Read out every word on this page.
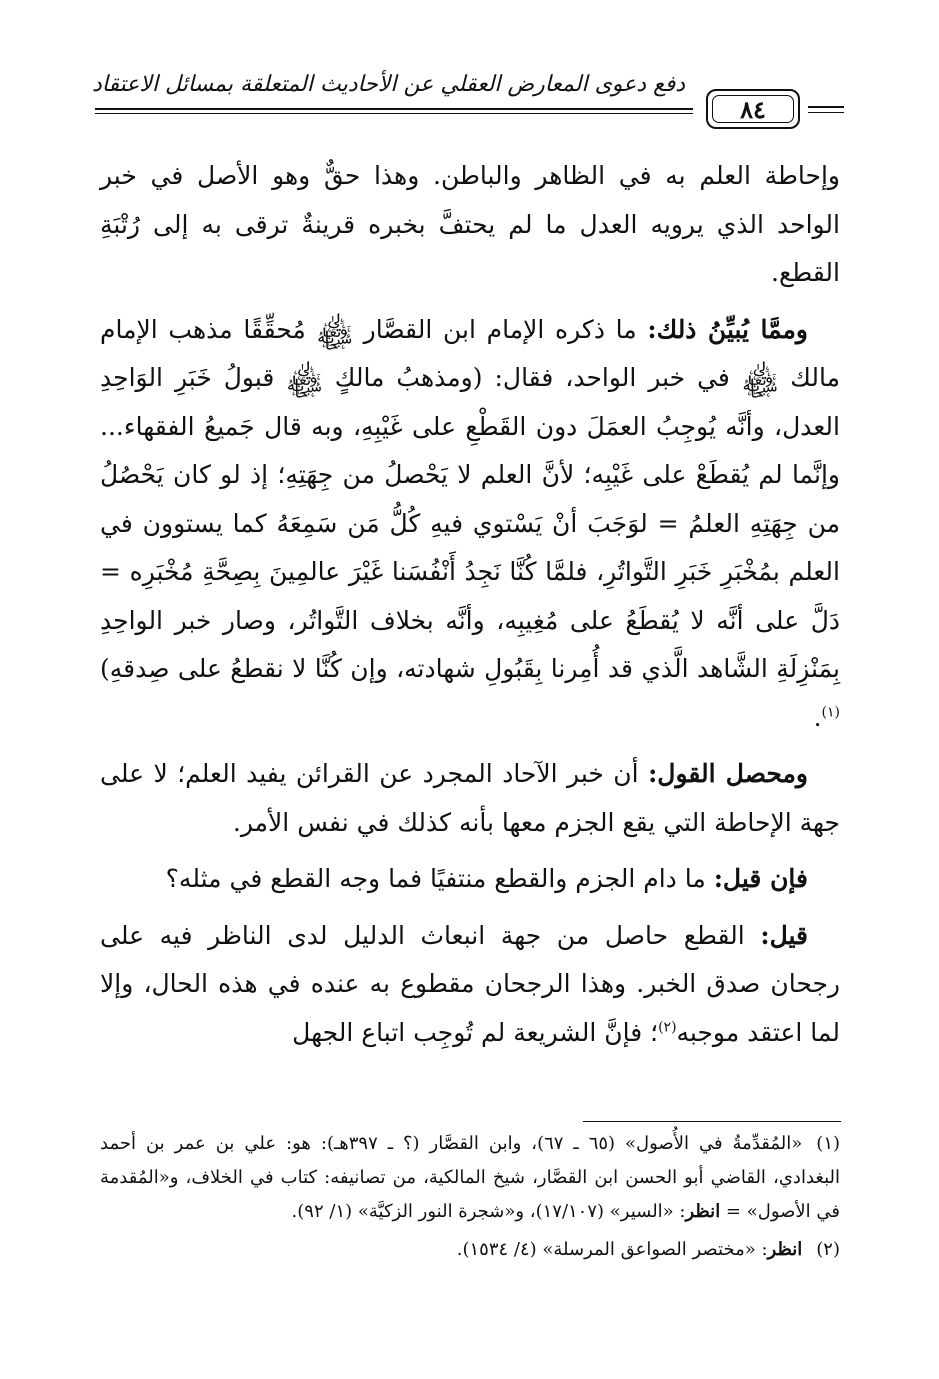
دفع دعوى المعارض العقلي عن الأحاديث المتعلقة بمسائل الاعتقاد
٨٤

وإحاطة العلم به في الظاهر والباطن. وهذا حقٌّ وهو الأصل في خبر الواحد الذي يرويه العدل ما لم يحتفَّ بخبره قرينةٌ ترقى به إلى رُتْبَةِ القطع.

وممَّا يُبيِّنُ ذلك: ما ذكره الإمام ابن القصَّار ﷾ مُحقِّقًا مذهب الإمام مالك ﷾ في خبر الواحد، فقال: (ومذهبُ مالكٍ ﷾ قبولُ خَبَرِ الوَاحِدِ العدل، وأنَّه يُوجِبُ العمَلَ دون القَطْعِ على غَيْبِهِ، وبه قال جَميعُ الفقهاء... وإنَّما لم يُقطَعْ على غَيْبِه؛ لأنَّ العلم لا يَحْصلُ من جِهَتِهِ؛ إذ لو كان يَحْصُلُ من جِهَتِهِ العلمُ = لوَجَبَ أنْ يَسْتوي فيهِ كُلُّ مَن سَمِعَهُ كما يستوون في العلم بمُخْبَرِ خَبَرِ التَّواتُرِ، فلمَّا كُنَّا نَجِدُ أَنْفُسَنا غَيْرَ عالمِينَ بِصِحَّةِ مُخْبَرِه = دَلَّ على أنَّه لا يُقطَعُ على مُغِيبِه، وأنَّه بخلاف التَّواتُر، وصار خبر الواحِدِ بِمَنْزِلَةِ الشَّاهد الَّذي قد أُمِرنا بِقَبُولِ شهادته، وإن كُنَّا لا نقطعُ على صِدقهِ)$^{(١)}$.

ومحصل القول: أن خبر الآحاد المجرد عن القرائن يفيد العلم؛ لا على جهة الإحاطة التي يقع الجزم معها بأنه كذلك في نفس الأمر.

فإن قيل: ما دام الجزم والقطع منتفيًا فما وجه القطع في مثله؟

قيل: القطع حاصل من جهة انبعاث الدليل لدى الناظر فيه على رجحان صدق الخبر. وهذا الرجحان مقطوع به عنده في هذه الحال، وإلا لما اعتقد موجبه$^{(٢)}$؛ فإنَّ الشريعة لم تُوجِب اتباع الجهل

(١)«المُقدِّمةُ في الأُصول» (٦٥ ـ ٦٧)، وابن القصَّار (؟ ـ ٣٩٧هـ): هو: علي بن عمر بن أحمد البغدادي، القاضي أبو الحسن ابن القصَّار، شيخ المالكية، من تصانيفه: كتاب في الخلاف، و«المُقدمة في الأصول» = انظر: «السير» (١٧/١٠٧)، و«شجرة النور الزكيَّة» (١/ ٩٢).
(٢)انظر: «مختصر الصواعق المرسلة» (٤/ ١٥٣٤).
